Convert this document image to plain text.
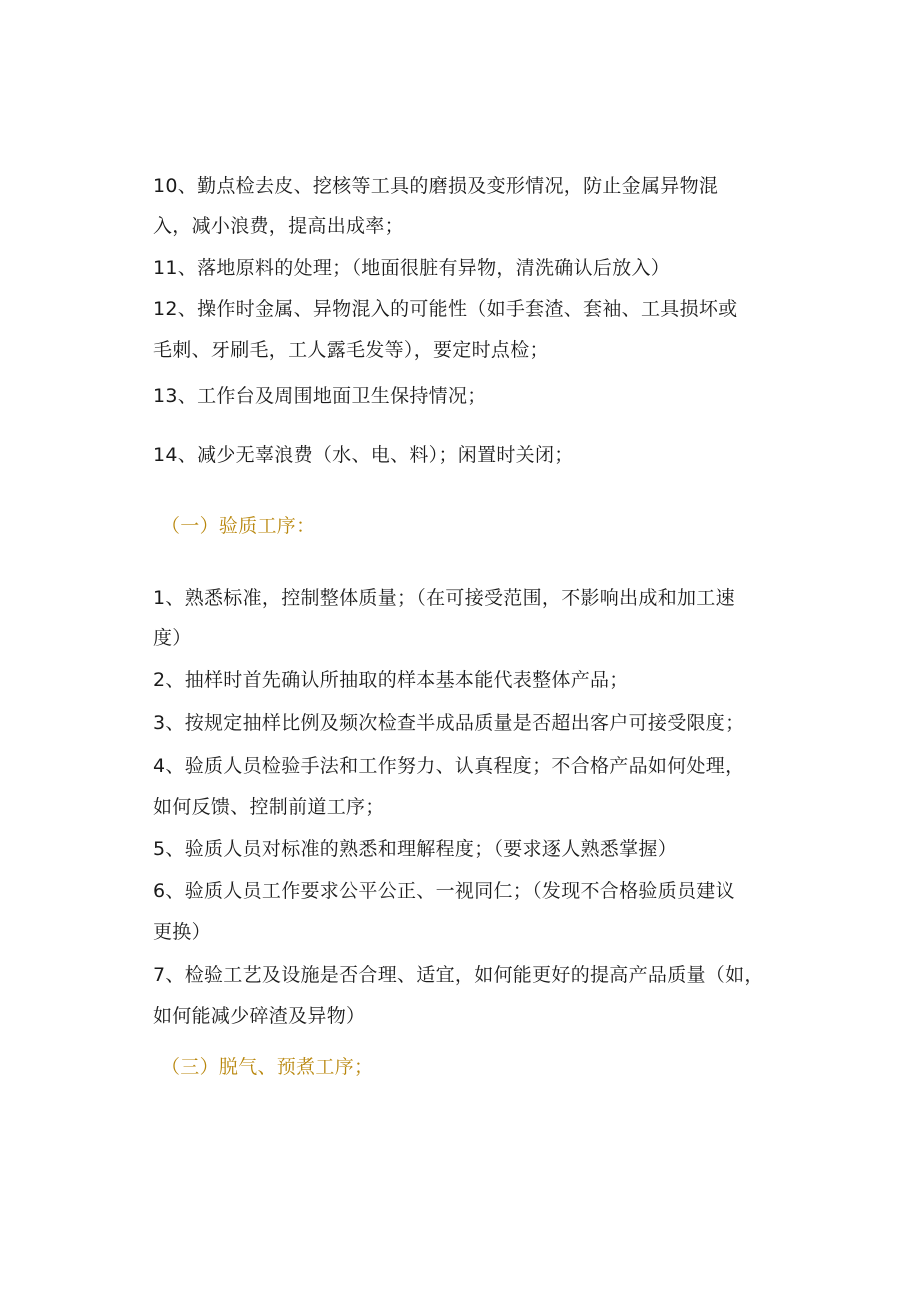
10、勤点检去皮、挖核等工具的磨损及变形情况，防止金属异物混
入，减小浪费，提高出成率；
11、落地原料的处理；（地面很脏有异物，清洗确认后放入）
12、操作时金属、异物混入的可能性（如手套渣、套袖、工具损坏或
毛刺、牙刷毛，工人露毛发等），要定时点检；
13、工作台及周围地面卫生保持情况；
14、减少无辜浪费（水、电、料）；闲置时关闭；
（一）验质工序：
1、熟悉标准，控制整体质量；（在可接受范围，不影响出成和加工速
度）
2、抽样时首先确认所抽取的样本基本能代表整体产品；
3、按规定抽样比例及频次检查半成品质量是否超出客户可接受限度；
4、验质人员检验手法和工作努力、认真程度；不合格产品如何处理，
如何反馈、控制前道工序；
5、验质人员对标准的熟悉和理解程度；（要求逐人熟悉掌握）
6、验质人员工作要求公平公正、一视同仁；（发现不合格验质员建议
更换）
7、检验工艺及设施是否合理、适宜，如何能更好的提高产品质量（如，
如何能减少碎渣及异物）
（三）脱气、预煮工序；
